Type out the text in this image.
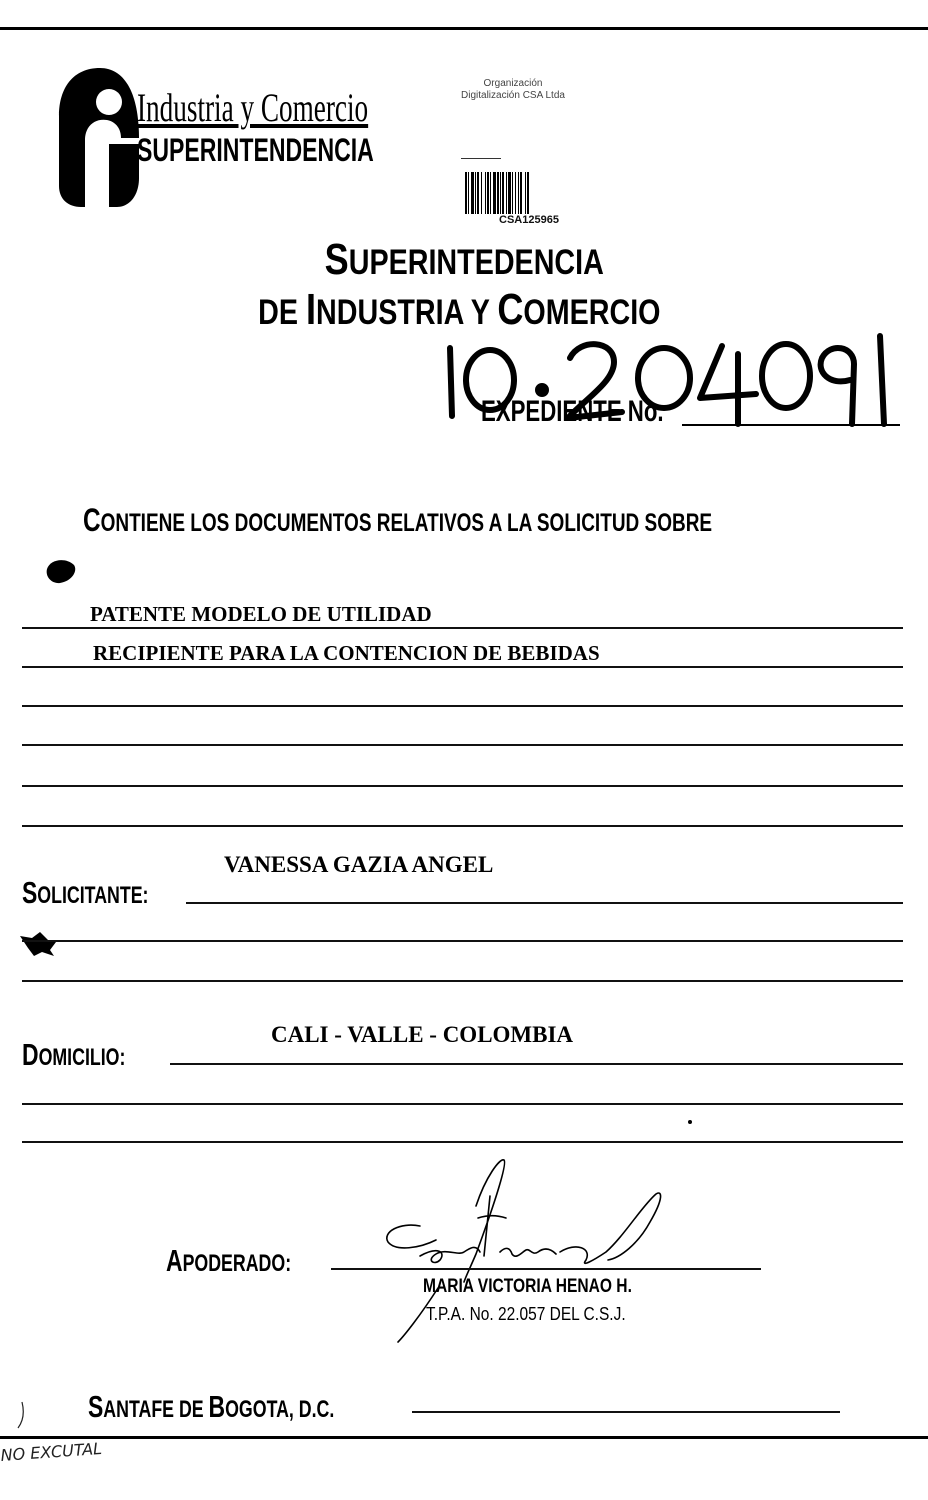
Industria y Comercio
SUPERINTENDENCIA
Organización
Digitalización CSA Ltda
CSA125965
SUPERINTEDENCIA
DE INDUSTRIA Y COMERCIO
EXPEDIENTE No.
CONTIENE LOS DOCUMENTOS RELATIVOS A LA SOLICITUD SOBRE
PATENTE MODELO DE UTILIDAD
RECIPIENTE PARA LA CONTENCION DE BEBIDAS
VANESSA GAZIA ANGEL
SOLICITANTE:
CALI - VALLE - COLOMBIA
DOMICILIO:
APODERADO:
MARIA VICTORIA HENAO H.
T.P.A. No. 22.057 DEL C.S.J.
SANTAFE DE BOGOTA, D.C.
NO EXCUTAL
